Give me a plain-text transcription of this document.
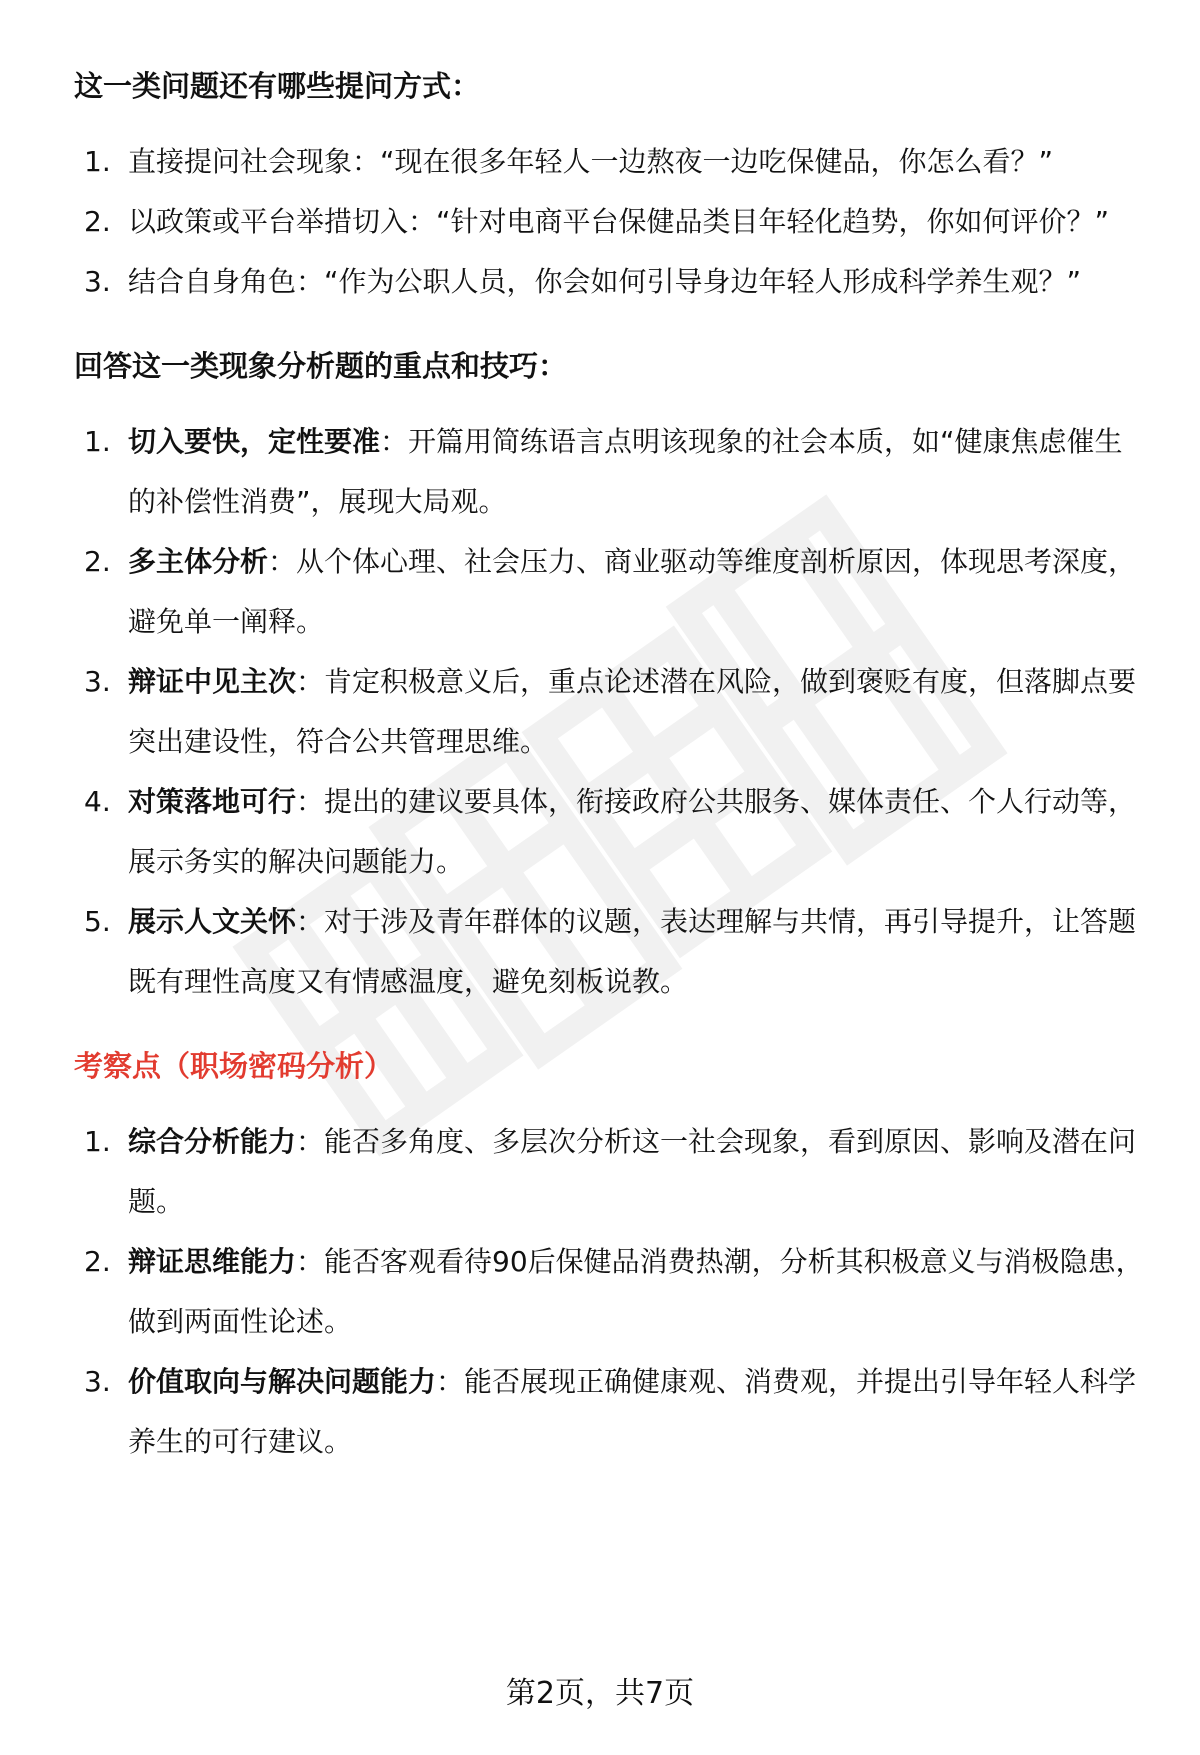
这一类问题还有哪些提问方式：
1. 直接提问社会现象：“现在很多年轻人一边熬夜一边吃保健品，你怎么看？”
2. 以政策或平台举措切入：“针对电商平台保健品类目年轻化趋势，你如何评价？”
3. 结合自身角色：“作为公职人员，你会如何引导身边年轻人形成科学养生观？”
回答这一类现象分析题的重点和技巧：
1. 切入要快，定性要准：开篇用简练语言点明该现象的社会本质，如“健康焦虑催生的补偿性消费”，展现大局观。
2. 多主体分析：从个体心理、社会压力、商业驱动等维度剖析原因，体现思考深度，避免单一阐释。
3. 辩证中见主次：肯定积极意义后，重点论述潜在风险，做到褒贬有度，但落脚点要突出建设性，符合公共管理思维。
4. 对策落地可行：提出的建议要具体，衔接政府公共服务、媒体责任、个人行动等，展示务实的解决问题能力。
5. 展示人文关怀：对于涉及青年群体的议题，表达理解与共情，再引导提升，让答题既有理性高度又有情感温度，避免刻板说教。
考察点（职场密码分析）
1. 综合分析能力：能否多角度、多层次分析这一社会现象，看到原因、影响及潜在问题。
2. 辩证思维能力：能否客观看待90后保健品消费热潮，分析其积极意义与消极隐患，做到两面性论述。
3. 价值取向与解决问题能力：能否展现正确健康观、消费观，并提出引导年轻人科学养生的可行建议。
第2页，共7页
